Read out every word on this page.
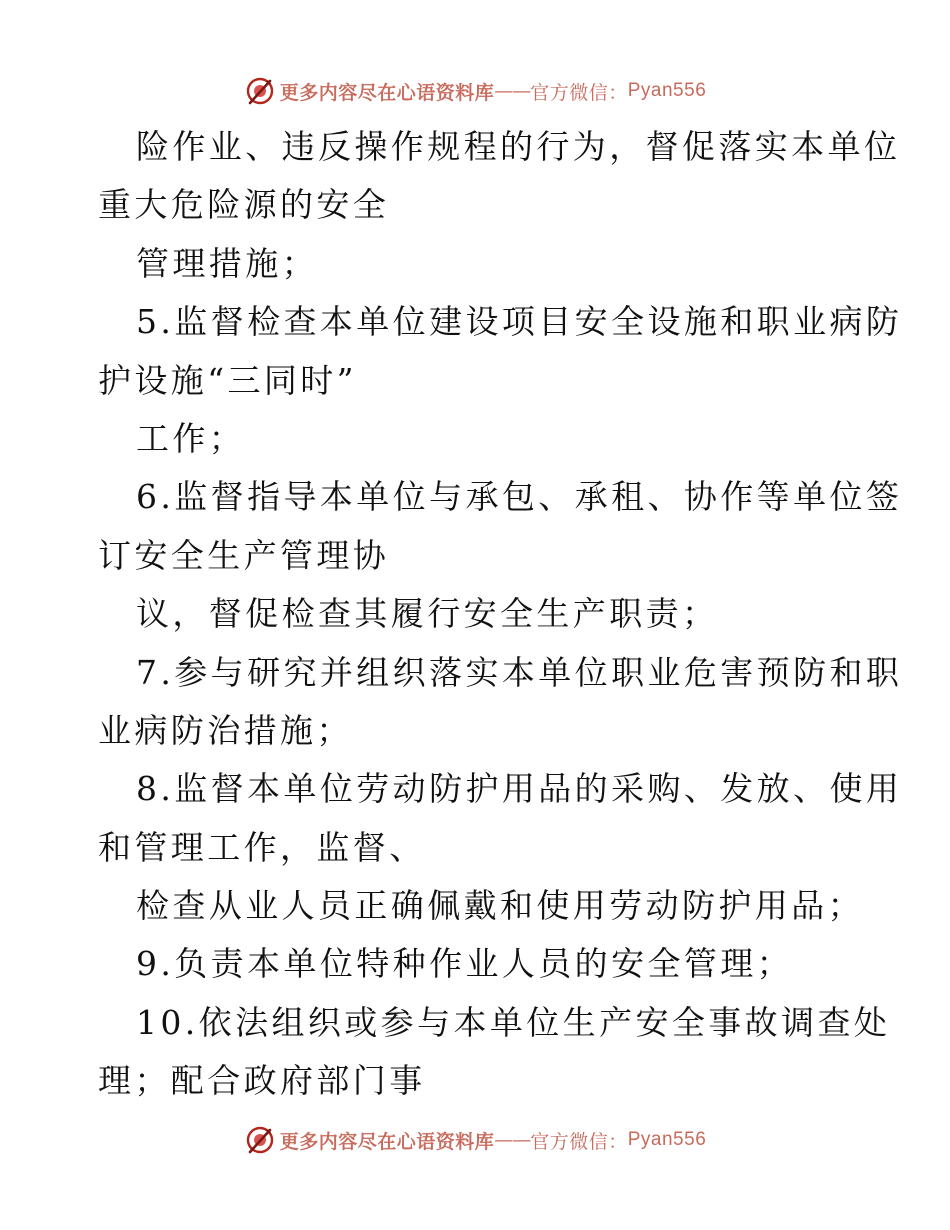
更多内容尽在心语资料库 —— 官方微信： Pyan556
险作业、违反操作规程的行为，督促落实本单位
重大危险源的安全
管理措施；
5.监督检查本单位建设项目安全设施和职业病防
护设施“三同时”
工作；
6.监督指导本单位与承包、承租、协作等单位签
订安全生产管理协
议，督促检查其履行安全生产职责；
7.参与研究并组织落实本单位职业危害预防和职
业病防治措施；
8.监督本单位劳动防护用品的采购、发放、使用
和管理工作，监督、
检查从业人员正确佩戴和使用劳动防护用品；
9.负责本单位特种作业人员的安全管理；
10.依法组织或参与本单位生产安全事故调查处
理；配合政府部门事
更多内容尽在心语资料库 —— 官方微信： Pyan556
